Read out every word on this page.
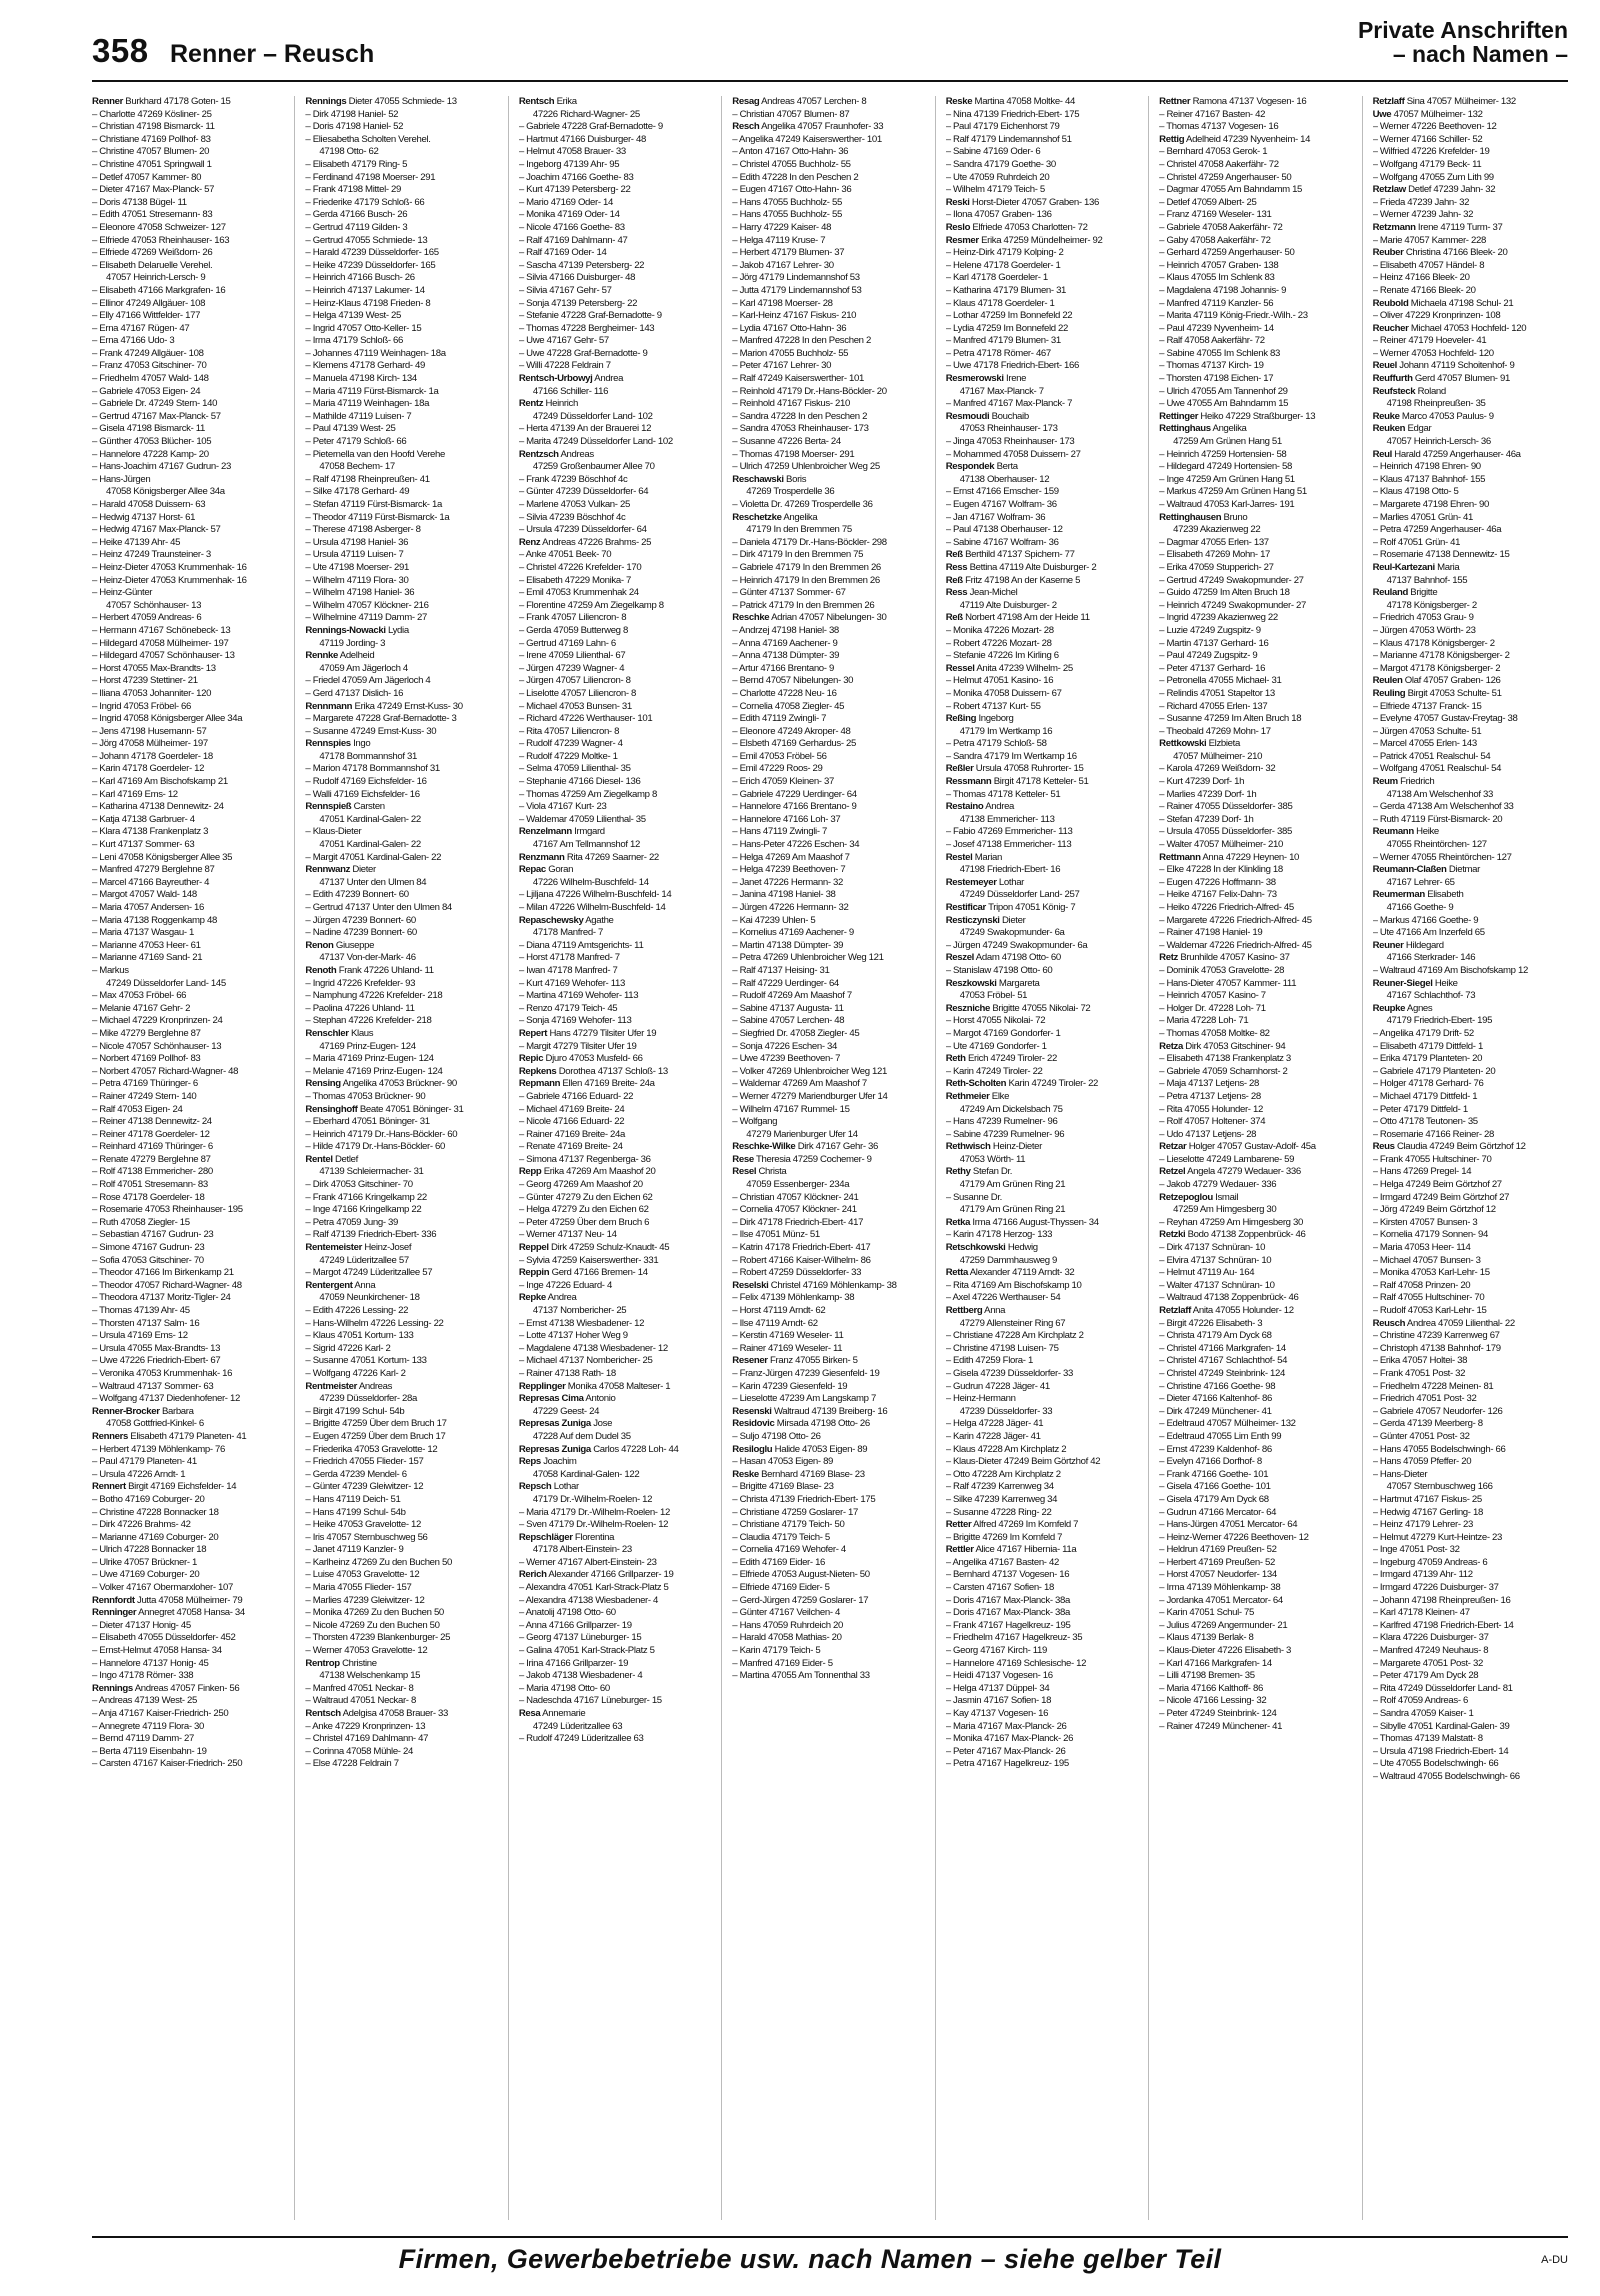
358 Renner – Reusch
Private Anschriften
– nach Namen –
Renner Burkhard 47178 Goten- 15
– Charlotte 47269 Kösliner- 25
– Christian 47198 Bismarck- 11
– Christiane 47169 Pollhof- 83
– Christine 47057 Blumen- 20
– Christine 47051 Springwall 1
– Detlef 47057 Kammer- 80
– Dieter 47167 Max-Planck- 57
– Doris 47138 Bügel- 11
– Edith 47051 Stresemann- 83
– Eleonore 47058 Schweizer- 127
– Elfriede 47053 Rheinhauser- 163
– Elfriede 47269 Weißdorn- 26
– Elisabeth Delaruelle Verehel.
47057 Heinrich-Lersch- 9
– Elisabeth 47166 Markgrafen- 16
– Ellinor 47249 Allgäuer- 108
– Elly 47166 Wittfelder- 177
– Erna 47167 Rügen- 47
– Erna 47166 Udo- 3
– Frank 47249 Allgäuer- 108
– Franz 47053 Gitschiner- 70
– Friedhelm 47057 Wald- 148
– Gabriele 47053 Eigen- 24
– Gabriele Dr. 47249 Stern- 140
– Gertrud 47167 Max-Planck- 57
– Gisela 47198 Bismarck- 11
– Günther 47053 Blücher- 105
– Hannelore 47228 Kamp- 20
– Hans-Joachim 47167 Gudrun- 23
– Hans-Jürgen
47058 Königsberger Allee 34a
– Harald 47058 Duissern- 63
– Hedwig 47137 Horst- 61
– Hedwig 47167 Max-Planck- 57
– Heike 47139 Ahr- 45
– Heinz 47249 Traunsteiner- 3
– Heinz-Dieter 47053 Krummenhak- 16
– Heinz-Dieter 47053 Krummenhak- 16
– Heinz-Günter
47057 Schönhauser- 13
– Herbert 47059 Andreas- 6
– Hermann 47167 Schönebeck- 13
– Hildegard 47058 Mülheimer- 197
– Hildegard 47057 Schönhauser- 13
– Horst 47055 Max-Brandts- 13
– Horst 47239 Stettiner- 21
– Iliana 47053 Johanniter- 120
– Ingrid 47053 Fröbel- 66
– Ingrid 47058 Königsberger Allee 34a
– Jens 47198 Husemann- 57
– Jörg 47058 Mülheimer- 197
– Johann 47178 Goerdeler- 18
– Karin 47178 Goerdeler- 12
– Karl 47169 Am Bischofskamp 21
– Karl 47169 Ems- 12
– Katharina 47138 Dennewitz- 24
– Katja 47138 Garbruer- 4
– Klara 47138 Frankenplatz 3
– Kurt 47137 Sommer- 63
– Leni 47058 Königsberger Allee 35
– Manfred 47279 Berglehne 87
– Marcel 47166 Bayreuther- 4
– Margot 47057 Wald- 148
– Maria 47057 Andersen- 16
– Maria 47138 Roggenkamp 48
– Maria 47137 Wasgau- 1
– Marianne 47053 Heer- 61
– Marianne 47169 Sand- 21
– Markus
47249 Düsseldorfer Land- 145
– Max 47053 Fröbel- 66
– Melanie 47167 Gehr- 2
– Michael 47229 Kronprinzen- 24
– Mike 47279 Berglehne 87
– Nicole 47057 Schönhauser- 13
– Norbert 47169 Pollhof- 83
– Norbert 47057 Richard-Wagner- 48
– Petra 47169 Thüringer- 6
– Rainer 47249 Stern- 140
– Ralf 47053 Eigen- 24
– Reiner 47138 Dennewitz- 24
– Reiner 47178 Goerdeler- 12
– Reinhard 47169 Thüringer- 6
– Renate 47279 Berglehne 87
– Rolf 47138 Emmericher- 280
– Rolf 47051 Stresemann- 83
– Rose 47178 Goerdeler- 18
– Rosemarie 47053 Rheinhauser- 195
– Ruth 47058 Ziegler- 15
– Sebastian 47167 Gudrun- 23
– Simone 47167 Gudrun- 23
– Sofia 47053 Gitschiner- 70
– Theodor 47166 Im Birkenkamp 21
– Theodor 47057 Richard-Wagner- 48
– Theodora 47137 Moritz-Tigler- 24
– Thomas 47139 Ahr- 45
– Thorsten 47137 Salm- 16
– Ursula 47169 Ems- 12
– Ursula 47055 Max-Brandts- 13
– Uwe 47226 Friedrich-Ebert- 67
– Veronika 47053 Krummenhak- 16
– Waltraud 47137 Sommer- 63
– Wolfgang 47137 Diedenhofener- 12
Renner-Brocker Barbara
47058 Gottfried-Kinkel- 6
Renners Elisabeth 47179 Planeten- 41
– Herbert 47139 Möhlenkamp- 76
– Paul 47179 Planeten- 41
– Ursula 47226 Arndt- 1
Rennert Birgit 47169 Eichsfelder- 14
– Botho 47169 Coburger- 20
– Christine 47228 Bonnacker 18
– Dirk 47226 Brahms- 42
– Marianne 47169 Coburger- 20
– Ulrich 47228 Bonnacker 18
– Ulrike 47057 Brückner- 1
– Uwe 47169 Coburger- 20
– Volker 47167 Obermarxloher- 107
Rennfordt Jutta 47058 Mülheimer- 79
Renninger Annegret 47058 Hansa- 34
– Dieter 47137 Honig- 45
– Elisabeth 47055 Düsseldorfer- 452
– Ernst-Helmut 47058 Hansa- 34
– Hannelore 47137 Honig- 45
– Ingo 47178 Römer- 338
Rennings Andreas 47057 Finken- 56
– Andreas 47139 West- 25
– Anja 47167 Kaiser-Friedrich- 250
– Annegrete 47119 Flora- 30
– Bernd 47119 Damm- 27
– Berta 47119 Eisenbahn- 19
– Carsten 47167 Kaiser-Friedrich- 250
Rennings Dieter 47055 Schmiede- 13
– Dirk 47198 Haniel- 52
– Doris 47198 Haniel- 52
– Eliesabetha Scholten Verehel.
47198 Otto- 62
– Elisabeth 47179 Ring- 5
– Ferdinand 47198 Moerser- 291
– Frank 47198 Mittel- 29
– Friederike 47179 Schloß- 66
– Gerda 47166 Busch- 26
– Gertrud 47119 Gilden- 3
– Gertrud 47055 Schmiede- 13
– Harald 47239 Düsseldorfer- 165
– Heike 47239 Düsseldorfer- 165
– Heinrich 47166 Busch- 26
– Heinrich 47137 Lakumer- 14
– Heinz-Klaus 47198 Frieden- 8
– Helga 47139 West- 25
– Ingrid 47057 Otto-Keller- 15
– Irma 47179 Schloß- 66
– Johannes 47119 Weinhagen- 18a
– Klemens 47178 Gerhard- 49
– Manuela 47198 Kirch- 134
– Maria 47119 Fürst-Bismarck- 1a
– Maria 47119 Weinhagen- 18a
– Mathilde 47119 Luisen- 7
– Paul 47139 West- 25
– Peter 47179 Schloß- 66
– Pieternella van den Hoofd Verehe
47058 Bechem- 17
– Ralf 47198 Rheinpreußen- 41
– Silke 47178 Gerhard- 49
– Stefan 47119 Fürst-Bismarck- 1a
– Theodor 47119 Fürst-Bismarck- 1a
– Therese 47198 Asberger- 8
– Ursula 47198 Haniel- 36
– Ursula 47119 Luisen- 7
– Ute 47198 Moerser- 291
– Wilhelm 47119 Flora- 30
– Wilhelm 47198 Haniel- 36
– Wilhelm 47057 Klöckner- 216
– Wilhelmine 47119 Damm- 27
Rennings-Nowacki Lydia
47119 Jording- 3
Rennke Adelheid
47059 Am Jägerloch 4
– Friedel 47059 Am Jägerloch 4
– Gerd 47137 Dislich- 16
Rennmann Erika 47249 Ernst-Kuss- 30
– Margarete 47228 Graf-Bernadotte- 3
– Susanne 47249 Ernst-Kuss- 30
Rennspies Ingo
47178 Bommannshof 31
– Marion 47178 Bommannshof 31
– Rudolf 47169 Eichsfelder- 16
– Walli 47169 Eichsfelder- 16
Rennspieß Carsten
47051 Kardinal-Galen- 22
– Klaus-Dieter
47051 Kardinal-Galen- 22
– Margit 47051 Kardinal-Galen- 22
Rennwanz Dieter
47137 Unter den Ulmen 84
– Edith 47239 Bonnert- 60
– Gertrud 47137 Unter den Ulmen 84
– Jürgen 47239 Bonnert- 60
– Nadine 47239 Bonnert- 60
Renon Giuseppe
47137 Von-der-Mark- 46
Renoth Frank 47226 Uhland- 11
– Ingrid 47226 Krefelder- 93
– Namphung 47226 Krefelder- 218
– Paolina 47226 Uhland- 11
– Stephan 47226 Krefelder- 218
Renschler Klaus
47169 Prinz-Eugen- 124
– Maria 47169 Prinz-Eugen- 124
– Melanie 47169 Prinz-Eugen- 124
Rensing Angelika 47053 Brückner- 90
– Thomas 47053 Brückner- 90
Rensinghoff Beate 47051 Böninger- 31
– Eberhard 47051 Böninger- 31
– Heinrich 47179 Dr.-Hans-Böckler- 60
– Hilde 47179 Dr.-Hans-Böckler- 60
Rentel Detlef
47139 Schleiermacher- 31
– Dirk 47053 Gitschiner- 70
– Frank 47166 Kringelkamp 22
– Inge 47166 Kringelkamp 22
– Petra 47059 Jung- 39
– Ralf 47139 Friedrich-Ebert- 336
Rentemeister Heinz-Josef
47249 Lüderitzallee 57
– Margot 47249 Lüderitzallee 57
Rentergent Anna
47059 Neunkirchener- 18
– Edith 47226 Lessing- 22
– Hans-Wilhelm 47226 Lessing- 22
– Klaus 47051 Kortum- 133
– Sigrid 47226 Karl- 2
– Susanne 47051 Kortum- 133
– Wolfgang 47226 Karl- 2
Rentmeister Andreas
47239 Düsseldorfer- 28a
– Birgit 47199 Schul- 54b
– Brigitte 47259 Über dem Bruch 17
– Eugen 47259 Über dem Bruch 17
– Friederika 47053 Gravelotte- 12
– Friedrich 47055 Flieder- 157
– Gerda 47239 Mendel- 6
– Günter 47239 Gleiwitzer- 12
– Hans 47119 Deich- 51
– Hans 47199 Schul- 54b
– Heike 47053 Gravelotte- 12
– Iris 47057 Sternbuschweg 56
– Janet 47119 Kanzler- 9
– Karlheinz 47269 Zu den Buchen 50
– Luise 47053 Gravelotte- 12
– Maria 47055 Flieder- 157
– Marlies 47239 Gleiwitzer- 12
– Monika 47269 Zu den Buchen 50
– Nicole 47269 Zu den Buchen 50
– Thorsten 47239 Blankenburger- 25
– Werner 47053 Gravelotte- 12
Rentrop Christine
47138 Welschenkamp 15
– Manfred 47051 Neckar- 8
– Waltraud 47051 Neckar- 8
Rentsch Adelgisa 47058 Brauer- 33
– Anke 47229 Kronprinzen- 13
– Christel 47169 Dahlmann- 47
– Corinna 47058 Mühle- 24
– Else 47228 Feldrain 7
Rentsch Erika
47226 Richard-Wagner- 25
– Gabriele 47228 Graf-Bernadotte- 9
– Hartmut 47166 Duisburger- 48
– Helmut 47058 Brauer- 33
– Ingeborg 47139 Ahr- 95
– Joachim 47166 Goethe- 83
– Kurt 47139 Petersberg- 22
– Mario 47169 Oder- 14
– Monika 47169 Oder- 14
– Nicole 47166 Goethe- 83
– Ralf 47169 Dahlmann- 47
– Ralf 47169 Oder- 14
– Sascha 47139 Petersberg- 22
– Silvia 47166 Duisburger- 48
– Silvia 47167 Gehr- 57
– Sonja 47139 Petersberg- 22
– Stefanie 47228 Graf-Bernadotte- 9
– Thomas 47228 Bergheimer- 143
– Uwe 47167 Gehr- 57
– Uwe 47228 Graf-Bernadotte- 9
– Willi 47228 Feldrain 7
Rentsch-Urbowyj Andrea
47166 Schiller- 116
Rentz Heinrich
47249 Düsseldorfer Land- 102
– Herta 47139 An der Brauerei 12
– Marita 47249 Düsseldorfer Land- 102
Rentzsch Andreas
47259 Großenbaumer Allee 70
– Frank 47239 Böschhof 4c
– Günter 47239 Düsseldorfer- 64
– Marlene 47053 Vulkan- 25
– Silvia 47239 Böschhof 4c
– Ursula 47239 Düsseldorfer- 64
Renz Andreas 47226 Brahms- 25
– Anke 47051 Beek- 70
– Christel 47226 Krefelder- 170
– Elisabeth 47229 Monika- 7
– Emil 47053 Krummenhak 24
– Florentine 47259 Am Ziegelkamp 8
– Frank 47057 Liliencron- 8
– Gerda 47059 Butterweg 8
– Gertrud 47169 Lahn- 6
– Irene 47059 Lilienthal- 67
– Jürgen 47239 Wagner- 4
– Jürgen 47057 Liliencron- 8
– Liselotte 47057 Liliencron- 8
– Michael 47053 Bunsen- 31
– Richard 47226 Werthauser- 101
– Rita 47057 Liliencron- 8
– Rudolf 47239 Wagner- 4
– Rudolf 47229 Moltke- 1
– Selma 47059 Lilienthal- 35
– Stephanie 47166 Diesel- 136
– Thomas 47259 Am Ziegelkamp 8
– Viola 47167 Kurt- 23
– Waldemar 47059 Lilienthal- 35
Renzelmann Irmgard
47167 Am Tellmannshof 12
Renzmann Rita 47269 Saarner- 22
Repac Goran
47226 Wilhelm-Buschfeld- 14
– Ljiljana 47226 Wilhelm-Buschfeld- 14
– Milan 47226 Wilhelm-Buschfeld- 14
Repaschewsky Agathe
47178 Manfred- 7
– Diana 47119 Amtsgerichts- 11
– Horst 47178 Manfred- 7
– Iwan 47178 Manfred- 7
– Kurt 47169 Wehofer- 113
– Martina 47169 Wehofer- 113
– Renzo 47179 Teich- 45
– Sonja 47169 Wehofer- 113
Repert Hans 47279 Tilsiter Ufer 19
– Margit 47279 Tilsiter Ufer 19
Repic Djuro 47053 Musfeld- 66
Repkens Dorothea 47137 Schloß- 13
Repmann Ellen 47169 Breite- 24a
– Gabriele 47166 Eduard- 22
– Michael 47169 Breite- 24
– Nicole 47166 Eduard- 22
– Rainer 47169 Breite- 24a
– Renate 47169 Breite- 24
– Simona 47137 Regenberga- 36
Repp Erika 47269 Am Maashof 20
– Georg 47269 Am Maashof 20
– Günter 47279 Zu den Eichen 62
– Helga 47279 Zu den Eichen 62
– Peter 47259 Über dem Bruch 6
– Werner 47137 Neu- 14
Reppel Dirk 47259 Schulz-Knaudt- 45
– Sylvia 47259 Kaiserswerther- 331
Reppin Gerd 47166 Bremen- 14
– Inge 47226 Eduard- 4
Repke Andrea
47137 Nombericher- 25
– Ernst 47138 Wiesbadener- 12
– Lotte 47137 Hoher Weg 9
– Magdalene 47138 Wiesbadener- 12
– Michael 47137 Nombericher- 25
– Rainer 47138 Rath- 18
Repplinger Monika 47058 Malteser- 1
Represas Cima Antonio
47229 Geest- 24
Represas Zuniga Jose
47228 Auf dem Dudel 35
Represas Zuniga Carlos 47228 Loh- 44
Reps Joachim
47058 Kardinal-Galen- 122
Repsch Lothar
47179 Dr.-Wilhelm-Roelen- 12
– Maria 47179 Dr.-Wilhelm-Roelen- 12
– Sven 47179 Dr.-Wilhelm-Roelen- 12
Repschläger Florentina
47178 Albert-Einstein- 23
– Werner 47167 Albert-Einstein- 23
Rerich Alexander 47166 Grillparzer- 19
– Alexandra 47051 Karl-Strack-Platz 5
– Alexandra 47138 Wiesbadener- 4
– Anatolij 47198 Otto- 60
– Anna 47166 Grillparzer- 19
– Georg 47137 Lüneburger- 15
– Galina 47051 Karl-Strack-Platz 5
– Irina 47166 Grillparzer- 19
– Jakob 47138 Wiesbadener- 4
– Maria 47198 Otto- 60
– Nadeschda 47167 Lüneburger- 15
Resa Annemarie
47249 Lüderitzallee 63
– Rudolf 47249 Lüderitzallee 63
Resag Andreas 47057 Lerchen- 8
– Christian 47057 Blumen- 87
Resch Angelika 47057 Fraunhofer- 33
– Angelika 47249 Kaiserswerther- 101
– Anton 47167 Otto-Hahn- 36
– Christel 47055 Buchholz- 55
– Edith 47228 In den Peschen 2
– Eugen 47167 Otto-Hahn- 36
– Hans 47055 Buchholz- 55
– Hans 47055 Buchholz- 55
– Harry 47229 Kaiser- 48
– Helga 47119 Kruse- 7
– Herbert 47179 Blumen- 37
– Jakob 47167 Lehrer- 30
– Jörg 47179 Lindemannshof 53
– Jutta 47179 Lindemannshof 53
– Karl 47198 Moerser- 28
– Karl-Heinz 47167 Fiskus- 210
– Lydia 47167 Otto-Hahn- 36
– Manfred 47228 In den Peschen 2
– Marion 47055 Buchholz- 55
– Peter 47167 Lehrer- 30
– Ralf 47249 Kaiserswerther- 101
– Reinhold 47179 Dr.-Hans-Böckler- 20
– Reinhold 47167 Fiskus- 210
– Sandra 47228 In den Peschen 2
– Sandra 47053 Rheinhauser- 173
– Susanne 47226 Berta- 24
– Thomas 47198 Moerser- 291
– Ulrich 47259 Uhlenbroicher Weg 25
Reschawski Boris
47269 Trosperdelle 36
– Violetta Dr. 47269 Trosperdelle 36
Reschetzke Angelika
47179 In den Bremmen 75
– Daniela 47179 Dr.-Hans-Böckler- 298
– Dirk 47179 In den Bremmen 75
– Gabriele 47179 In den Bremmen 26
– Heinrich 47179 In den Bremmen 26
– Günter 47137 Sommer- 67
– Patrick 47179 In den Bremmen 26
Reschke Adrian 47057 Nibelungen- 30
– Andrzej 47198 Haniel- 38
– Anna 47169 Aachener- 9
– Anna 47138 Dümpter- 39
– Artur 47166 Brentano- 9
– Bernd 47057 Nibelungen- 30
– Charlotte 47228 Neu- 16
– Cornelia 47058 Ziegler- 45
– Edith 47119 Zwingli- 7
– Eleonore 47249 Akroper- 48
– Elsbeth 47169 Gerhardus- 25
– Emil 47053 Fröbel- 56
– Emil 47229 Roos- 29
– Erich 47059 Kleinen- 37
– Gabriele 47229 Uerdinger- 64
– Hannelore 47166 Brentano- 9
– Hannelore 47166 Loh- 37
– Hans 47119 Zwingli- 7
– Hans-Peter 47226 Eschen- 34
– Helga 47269 Am Maashof 7
– Helga 47239 Beethoven- 7
– Janet 47226 Hermann- 32
– Janina 47198 Haniel- 38
– Jürgen 47226 Hermann- 32
– Kai 47239 Uhlen- 5
– Kornelius 47169 Aachener- 9
– Martin 47138 Dümpter- 39
– Petra 47269 Uhlenbroicher Weg 121
– Ralf 47137 Heising- 31
– Ralf 47229 Uerdinger- 64
– Rudolf 47269 Am Maashof 7
– Sabine 47137 Augusta- 11
– Sabine 47057 Lerchen- 48
– Siegfried Dr. 47058 Ziegler- 45
– Sonja 47226 Eschen- 34
– Uwe 47239 Beethoven- 7
– Volker 47269 Uhlenbroicher Weg 121
– Waldemar 47269 Am Maashof 7
– Werner 47279 Mariendburger Ufer 14
– Wilhelm 47167 Rummel- 15
– Wolfgang
47279 Marienburger Ufer 14
Reschke-Wilke Dirk 47167 Gehr- 36
Rese Theresia 47259 Cochemer- 9
Resel Christa
47059 Essenberger- 234a
– Christian 47057 Klöckner- 241
– Cornelia 47057 Klöckner- 241
– Dirk 47178 Friedrich-Ebert- 417
– Ilse 47051 Münz- 51
– Katrin 47178 Friedrich-Ebert- 417
– Robert 47166 Kaiser-Wilhelm- 86
– Robert 47259 Düsseldorfer- 33
Reselski Christel 47169 Möhlenkamp- 38
– Felix 47139 Möhlenkamp- 38
– Horst 47119 Arndt- 62
– Ilse 47119 Arndt- 62
– Kerstin 47169 Weseler- 11
– Rainer 47169 Weseler- 11
Resener Franz 47055 Birken- 5
– Franz-Jürgen 47239 Giesenfeld- 19
– Karin 47239 Giesenfeld- 19
– Lieselotte 47239 Am Langskamp 7
Resenski Waltraud 47139 Breiberg- 16
Residovic Mirsada 47198 Otto- 26
– Suljo 47198 Otto- 26
Resiloglu Halide 47053 Eigen- 89
– Hasan 47053 Eigen- 89
Reske Bernhard 47169 Blase- 23
– Brigitte 47169 Blase- 23
– Christa 47139 Friedrich-Ebert- 175
– Christiane 47259 Goslarer- 17
– Christiane 47179 Teich- 50
– Claudia 47179 Teich- 5
– Cornelia 47169 Wehofer- 4
– Edith 47169 Eider- 16
– Elfriede 47053 August-Nieten- 50
– Elfriede 47169 Eider- 5
– Gerd-Jürgen 47259 Goslarer- 17
– Günter 47167 Veilchen- 4
– Hans 47059 Ruhrdeich 20
– Harald 47058 Mathias- 20
– Karin 47179 Teich- 5
– Manfred 47169 Eider- 5
– Martina 47055 Am Tonnenthal 33
Reske Martina 47058 Moltke- 44
– Nina 47139 Friedrich-Ebert- 175
– Paul 47179 Eichenhorst 79
– Ralf 47179 Lindemannshof 51
– Sabine 47169 Oder- 6
– Sandra 47179 Goethe- 30
– Ute 47059 Ruhrdeich 20
– Wilhelm 47179 Teich- 5
Reski Horst-Dieter 47057 Graben- 136
– Ilona 47057 Graben- 136
Reslo Elfriede 47053 Charlotten- 72
Resmer Erika 47259 Mündelheimer- 92
– Heinz-Dirk 47179 Kolping- 2
– Helene 47178 Goerdeler- 1
– Karl 47178 Goerdeler- 1
– Katharina 47179 Blumen- 31
– Klaus 47178 Goerdeler- 1
– Lothar 47259 Im Bonnefeld 22
– Lydia 47259 Im Bonnefeld 22
– Manfred 47179 Blumen- 31
– Petra 47178 Römer- 467
– Uwe 47178 Friedrich-Ebert- 166
Resmerowski Irene
47167 Max-Planck- 7
– Manfred 47167 Max-Planck- 7
Resmoudi Bouchaib
47053 Rheinhauser- 173
– Jinga 47053 Rheinhauser- 173
– Mohammed 47058 Duissern- 27
Respondek Berta
47138 Oberhauser- 12
– Ernst 47166 Emscher- 159
– Eugen 47167 Wolfram- 36
– Jan 47167 Wolfram- 36
– Paul 47138 Oberhauser- 12
– Sabine 47167 Wolfram- 36
Reß Berthild 47137 Spichern- 77
Ress Bettina 47119 Alte Duisburger- 2
Reß Fritz 47198 An der Kaserne 5
Ress Jean-Michel
47119 Alte Duisburger- 2
Reß Norbert 47198 Am der Heide 11
– Monika 47226 Mozart- 28
– Robert 47226 Mozart- 28
– Stefanie 47226 Im Kirling 6
Ressel Anita 47239 Wilhelm- 25
– Helmut 47051 Kasino- 16
– Monika 47058 Duissern- 67
– Robert 47137 Kurt- 55
Reßing Ingeborg
47179 Im Wertkamp 16
– Petra 47179 Schloß- 58
– Sandra 47179 Im Wertkamp 16
Reßler Ursula 47058 Ruhrorter- 15
Ressmann Birgit 47178 Ketteler- 51
– Thomas 47178 Ketteler- 51
Restaino Andrea
47138 Emmericher- 113
– Fabio 47269 Emmericher- 113
– Josef 47138 Emmericher- 113
Restel Marian
47198 Friedrich-Ebert- 16
Restemeyer Lothar
47249 Düsseldorfer Land- 257
Restificar Tripon 47051 König- 7
Resticzynski Dieter
47249 Swakopmunder- 6a
– Jürgen 47249 Swakopmunder- 6a
Reszel Adam 47198 Otto- 60
– Stanislaw 47198 Otto- 60
Reszkowski Margareta
47053 Fröbel- 51
Reszniche Brigitte 47055 Nikolai- 72
– Horst 47055 Nikolai- 72
– Margot 47169 Gondorfer- 1
– Ute 47169 Gondorfer- 1
Reth Erich 47249 Tiroler- 22
– Karin 47249 Tiroler- 22
Reth-Scholten Karin 47249 Tiroler- 22
Rethmeier Elke
47249 Am Dickelsbach 75
– Hans 47239 Rumelner- 96
– Sabine 47239 Rumelner- 96
Rethwisch Heinz-Dieter
47053 Wörth- 11
Rethy Stefan Dr.
47179 Am Grünen Ring 21
– Susanne Dr.
47179 Am Grünen Ring 21
Retka Irma 47166 August-Thyssen- 34
– Karin 47178 Herzog- 133
Retschkowski Hedwig
47259 Dammhausweg 9
Retta Alexander 47119 Arndt- 32
– Rita 47169 Am Bischofskamp 10
– Axel 47226 Werthauser- 54
Rettberg Anna
47279 Allensteiner Ring 67
– Christiane 47228 Am Kirchplatz 2
– Christine 47198 Luisen- 75
– Edith 47259 Flora- 1
– Gisela 47239 Düsseldorfer- 33
– Gudrun 47228 Jäger- 41
– Heinz-Hermann
47239 Düsseldorfer- 33
– Helga 47228 Jäger- 41
– Karin 47228 Jäger- 41
– Klaus 47228 Am Kirchplatz 2
– Klaus-Dieter 47249 Beim Görtzhof 42
– Otto 47228 Am Kirchplatz 2
– Ralf 47239 Karrenweg 34
– Silke 47239 Karrenweg 34
– Susanne 47228 Ring- 22
Retter Alfred 47269 Im Kornfeld 7
– Brigitte 47269 Im Kornfeld 7
Rettler Alice 47167 Hibernia- 11a
– Angelika 47167 Basten- 42
– Bernhard 47137 Vogesen- 16
– Carsten 47167 Sofien- 18
– Doris 47167 Max-Planck- 38a
– Doris 47167 Max-Planck- 38a
– Frank 47167 Hagelkreuz- 195
– Friedhelm 47167 Hagelkreuz- 35
– Georg 47167 Kirch- 119
– Hannelore 47169 Schlesische- 12
– Heidi 47137 Vogesen- 16
– Helga 47137 Düppel- 34
– Jasmin 47167 Sofien- 18
– Kay 47137 Vogesen- 16
– Maria 47167 Max-Planck- 26
– Monika 47167 Max-Planck- 26
– Peter 47167 Max-Planck- 26
– Petra 47167 Hagelkreuz- 195
Rettner Ramona 47137 Vogesen- 16
– Reiner 47167 Basten- 42
– Thomas 47137 Vogesen- 16
Rettig Adelheid 47239 Nyvenheim- 14
– Bernhard 47053 Gerok- 1
– Christel 47058 Aakerfähr- 72
– Christel 47259 Angerhauser- 50
– Dagmar 47055 Am Bahndamm 15
– Detlef 47059 Albert- 25
– Franz 47169 Weseler- 131
– Gabriele 47058 Aakerfähr- 72
– Gaby 47058 Aakerfähr- 72
– Gerhard 47259 Angerhauser- 50
– Heinrich 47057 Graben- 138
– Klaus 47055 Im Schlenk 83
– Magdalena 47198 Johannis- 9
– Manfred 47119 Kanzler- 56
– Marita 47119 König-Friedr.-Wilh.- 23
– Paul 47239 Nyvenheim- 14
– Ralf 47058 Aakerfähr- 72
– Sabine 47055 Im Schlenk 83
– Thomas 47137 Kirch- 19
– Thorsten 47198 Eichen- 17
– Ulrich 47055 Am Tannenhof 29
– Uwe 47055 Am Bahndamm 15
Rettinger Heiko 47229 Straßburger- 13
Rettinghaus Angelika
47259 Am Grünen Hang 51
– Heinrich 47259 Hortensien- 58
– Hildegard 47249 Hortensien- 58
– Inge 47259 Am Grünen Hang 51
– Markus 47259 Am Grünen Hang 51
– Waltraud 47053 Karl-Jarres- 191
Rettinghausen Bruno
47239 Akazienweg 22
– Dagmar 47055 Erlen- 137
– Elisabeth 47269 Mohn- 17
– Erika 47059 Stupperich- 27
– Gertrud 47249 Swakopmunder- 27
– Guido 47259 Im Alten Bruch 18
– Heinrich 47249 Swakopmunder- 27
– Ingrid 47239 Akazienweg 22
– Luzie 47249 Zugspitz- 9
– Martin 47137 Gerhard- 16
– Paul 47249 Zugspitz- 9
– Peter 47137 Gerhard- 16
– Petronella 47055 Michael- 31
– Relindis 47051 Stapeltor 13
– Richard 47055 Erlen- 137
– Susanne 47259 Im Alten Bruch 18
– Theobald 47269 Mohn- 17
Rettkowski Elzbieta
47057 Mülheimer- 210
– Karola 47269 Weißdorn- 32
– Kurt 47239 Dorf- 1h
– Marlies 47239 Dorf- 1h
– Rainer 47055 Düsseldorfer- 385
– Stefan 47239 Dorf- 1h
– Ursula 47055 Düsseldorfer- 385
– Walter 47057 Mülheimer- 210
Rettmann Anna 47229 Heynen- 10
– Elke 47228 In der Klinkling 18
– Eugen 47226 Hoffmann- 38
– Heike 47167 Felix-Dahn- 73
– Heiko 47226 Friedrich-Alfred- 45
– Margarete 47226 Friedrich-Alfred- 45
– Rainer 47198 Haniel- 19
– Waldemar 47226 Friedrich-Alfred- 45
Retz Brunhilde 47057 Kasino- 37
– Dominik 47053 Gravelotte- 28
– Hans-Dieter 47057 Kammer- 111
– Heinrich 47057 Kasino- 7
– Holger Dr. 47228 Loh- 71
– Maria 47228 Loh- 71
– Thomas 47058 Moltke- 82
Retza Dirk 47053 Gitschiner- 94
– Elisabeth 47138 Frankenplatz 3
– Gabriele 47059 Scharnhorst- 2
– Maja 47137 Letjens- 28
– Petra 47137 Letjens- 28
– Rita 47055 Holunder- 12
– Rolf 47057 Holtener- 374
– Udo 47137 Letjens- 28
Retzar Holger 47057 Gustav-Adolf- 45a
– Lieselotte 47249 Lambarene- 59
Retzel Angela 47279 Wedauer- 336
– Jakob 47279 Wedauer- 336
Retzepoglou Ismail
47259 Am Himgesberg 30
– Reyhan 47259 Am Himgesberg 30
Retzki Bodo 47138 Zoppenbrück- 46
– Dirk 47137 Schnüran- 10
– Elvira 47137 Schnüran- 10
– Helmut 47119 Au- 164
– Walter 47137 Schnüran- 10
– Waltraud 47138 Zoppenbrück- 46
Retzlaff Anita 47055 Holunder- 12
– Birgit 47226 Elisabeth- 3
– Christa 47179 Am Dyck 68
– Christel 47166 Markgrafen- 14
– Christel 47167 Schlachthof- 54
– Christel 47249 Steinbrink- 124
– Christine 47166 Goethe- 98
– Dieter 47166 Kaltenhof- 86
– Dirk 47249 Münchener- 41
– Edeltraud 47057 Mülheimer- 132
– Edeltraud 47055 Lim Enth 99
– Ernst 47239 Kaldenhof- 86
– Evelyn 47166 Dorfhof- 8
– Frank 47166 Goethe- 101
– Gisela 47166 Goethe- 101
– Gisela 47179 Am Dyck 68
– Gudrun 47166 Mercator- 64
– Hans-Jürgen 47051 Mercator- 64
– Heinz-Werner 47226 Beethoven- 12
– Heldrun 47169 Preußen- 52
– Herbert 47169 Preußen- 52
– Horst 47057 Neudorfer- 134
– Irma 47139 Möhlenkamp- 38
– Jordanka 47051 Mercator- 64
– Karin 47051 Schul- 75
– Julius 47269 Angermunder- 21
– Klaus 47139 Berlak- 8
– Klaus-Dieter 47226 Elisabeth- 3
– Karl 47166 Markgrafen- 14
– Lilli 47198 Bremen- 35
– Maria 47166 Kalthoff- 86
– Nicole 47166 Lessing- 32
– Peter 47249 Steinbrink- 124
– Rainer 47249 Münchener- 41
Retzlaff Sina 47057 Mülheimer- 132
Uwe 47057 Mülheimer- 132
– Werner 47226 Beethoven- 12
– Werner 47166 Schiller- 52
– Wilfried 47226 Krefelder- 19
– Wolfgang 47179 Beck- 11
– Wolfgang 47055 Zum Lith 99
Retzlaw Detlef 47239 Jahn- 32
– Frieda 47239 Jahn- 32
– Werner 47239 Jahn- 32
Retzmann Irene 47119 Turm- 37
– Marie 47057 Kammer- 228
Reuber Christina 47166 Bleek- 20
– Elisabeth 47057 Händel- 8
– Heinz 47166 Bleek- 20
– Renate 47166 Bleek- 20
Reubold Michaela 47198 Schul- 21
– Oliver 47229 Kronprinzen- 108
Reucher Michael 47053 Hochfeld- 120
– Reiner 47179 Hoeveler- 41
– Werner 47053 Hochfeld- 120
Reuel Johann 47119 Schoitenhof- 9
Reuffurth Gerd 47057 Blumen- 91
Reufsteck Roland
47198 Rheinpreußen- 35
Reuke Marco 47053 Paulus- 9
Reuken Edgar
47057 Heinrich-Lersch- 36
Reul Harald 47259 Angerhauser- 46a
– Heinrich 47198 Ehren- 90
– Klaus 47137 Bahnhof- 155
– Klaus 47198 Otto- 5
– Margarete 47198 Ehren- 90
– Marlies 47051 Grün- 41
– Petra 47259 Angerhauser- 46a
– Rolf 47051 Grün- 41
– Rosemarie 47138 Dennewitz- 15
Reul-Kartezani Maria
47137 Bahnhof- 155
Reuland Brigitte
47178 Königsberger- 2
– Friedrich 47053 Grau- 9
– Jürgen 47053 Wörth- 23
– Klaus 47178 Königsberger- 2
– Marianne 47178 Königsberger- 2
– Margot 47178 Königsberger- 2
Reulen Olaf 47057 Graben- 126
Reuling Birgit 47053 Schulte- 51
– Elfriede 47137 Franck- 15
– Evelyne 47057 Gustav-Freytag- 38
– Jürgen 47053 Schulte- 51
– Marcel 47055 Erlen- 143
– Patrick 47051 Realschul- 54
– Wolfgang 47051 Realschul- 54
Reum Friedrich
47138 Am Welschenhof 33
– Gerda 47138 Am Welschenhof 33
– Ruth 47119 Fürst-Bismarck- 20
Reumann Heike
47055 Rheintörchen- 127
– Werner 47055 Rheintörchen- 127
Reumann-Claßen Dietmar
47167 Lehrer- 65
Reumerman Elisabeth
47166 Goethe- 9
– Markus 47166 Goethe- 9
– Ute 47166 Am Inzerfeld 65
Reuner Hildegard
47166 Sterkrader- 146
– Waltraud 47169 Am Bischofskamp 12
Reuner-Siegel Heike
47167 Schlachthof- 73
Reupke Agnes
47179 Friedrich-Ebert- 195
– Angelika 47179 Drift- 52
– Elisabeth 47179 Dittfeld- 1
– Erika 47179 Planteten- 20
– Gabriele 47179 Planteten- 20
– Holger 47178 Gerhard- 76
– Michael 47179 Dittfeld- 1
– Peter 47179 Dittfeld- 1
– Otto 47178 Teutonen- 35
– Rosemarie 47166 Reiner- 28
Reus Claudia 47249 Beim Görtzhof 12
– Frank 47055 Hultschiner- 70
– Hans 47269 Pregel- 14
– Helga 47249 Beim Görtzhof 27
– Irmgard 47249 Beim Görtzhof 27
– Jörg 47249 Beim Görtzhof 12
– Kirsten 47057 Bunsen- 3
– Kornelia 47179 Sonnen- 94
– Maria 47053 Heer- 114
– Michael 47057 Bunsen- 3
– Monika 47053 Karl-Lehr- 15
– Ralf 47058 Prinzen- 20
– Ralf 47055 Hultschiner- 70
– Rudolf 47053 Karl-Lehr- 15
Reusch Andrea 47059 Lilienthal- 22
– Christine 47239 Karrenweg 67
– Christoph 47138 Bahnhof- 179
– Erika 47057 Holtei- 38
– Frank 47051 Post- 32
– Friedhelm 47228 Meinen- 81
– Friedrich 47051 Post- 32
– Gabriele 47057 Neudorfer- 126
– Gerda 47139 Meerberg- 8
– Günter 47051 Post- 32
– Hans 47055 Bodelschwingh- 66
– Hans 47059 Pfeffer- 20
– Hans-Dieter
47057 Sternbuschweg 166
– Hartmut 47167 Fiskus- 25
– Hedwig 47167 Gerling- 18
– Heinz 47179 Lehrer- 23
– Helmut 47279 Kurt-Heintze- 23
– Inge 47051 Post- 32
– Ingeburg 47059 Andreas- 6
– Irmgard 47139 Ahr- 112
– Irmgard 47226 Duisburger- 37
– Johann 47198 Rheinpreußen- 16
– Karl 47178 Kleinen- 47
– Karlfred 47198 Friedrich-Ebert- 14
– Klara 47226 Duisburger- 37
– Manfred 47249 Neuhaus- 8
– Margarete 47051 Post- 32
– Peter 47179 Am Dyck 28
– Rita 47249 Düsseldorfer Land- 81
– Rolf 47059 Andreas- 6
– Sandra 47059 Kaiser- 1
– Sibylle 47051 Kardinal-Galen- 39
– Thomas 47139 Malstatt- 8
– Ursula 47198 Friedrich-Ebert- 14
– Ute 47055 Bodelschwingh- 66
– Waltraud 47055 Bodelschwingh- 66
Firmen, Gewerbebetriebe usw. nach Namen – siehe gelber Teil	A-DU
